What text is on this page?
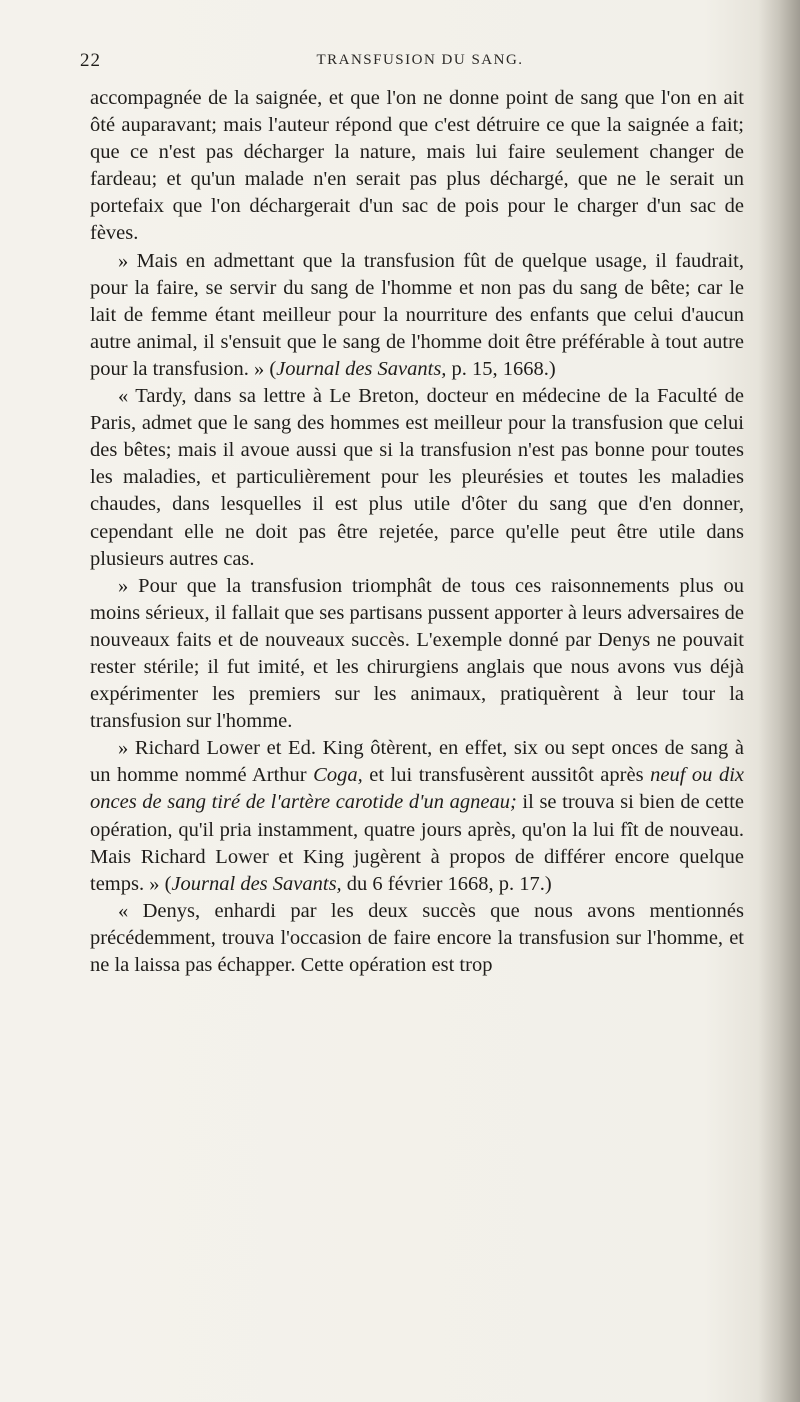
22	TRANSFUSION DU SANG.

accompagnée de la saignée, et que l'on ne donne point de sang que l'on en ait ôté auparavant; mais l'auteur répond que c'est détruire ce que la saignée a fait; que ce n'est pas décharger la nature, mais lui faire seulement changer de fardeau; et qu'un malade n'en serait pas plus déchargé, que ne le serait un portefaix que l'on déchargerait d'un sac de pois pour le charger d'un sac de fèves.

» Mais en admettant que la transfusion fût de quelque usage, il faudrait, pour la faire, se servir du sang de l'homme et non pas du sang de bête; car le lait de femme étant meilleur pour la nourriture des enfants que celui d'aucun autre animal, il s'ensuit que le sang de l'homme doit être préférable à tout autre pour la transfusion. » (Journal des Savants, p. 15, 1668.)

« Tardy, dans sa lettre à Le Breton, docteur en médecine de la Faculté de Paris, admet que le sang des hommes est meilleur pour la transfusion que celui des bêtes; mais il avoue aussi que si la transfusion n'est pas bonne pour toutes les maladies, et particulièrement pour les pleurésies et toutes les maladies chaudes, dans lesquelles il est plus utile d'ôter du sang que d'en donner, cependant elle ne doit pas être rejetée, parce qu'elle peut être utile dans plusieurs autres cas.

» Pour que la transfusion triomphât de tous ces raisonnements plus ou moins sérieux, il fallait que ses partisans pussent apporter à leurs adversaires de nouveaux faits et de nouveaux succès. L'exemple donné par Denys ne pouvait rester stérile; il fut imité, et les chirurgiens anglais que nous avons vus déjà expérimenter les premiers sur les animaux, pratiquèrent à leur tour la transfusion sur l'homme.

» Richard Lower et Ed. King ôtèrent, en effet, six ou sept onces de sang à un homme nommé Arthur Coga, et lui transfusèrent aussitôt après neuf ou dix onces de sang tiré de l'artère carotide d'un agneau; il se trouva si bien de cette opération, qu'il pria instamment, quatre jours après, qu'on la lui fît de nouveau. Mais Richard Lower et King jugèrent à propos de différer encore quelque temps. » (Journal des Savants, du 6 février 1668, p. 17.)

« Denys, enhardi par les deux succès que nous avons mentionnés précédemment, trouva l'occasion de faire encore la transfusion sur l'homme, et ne la laissa pas échapper. Cette opération est trop
